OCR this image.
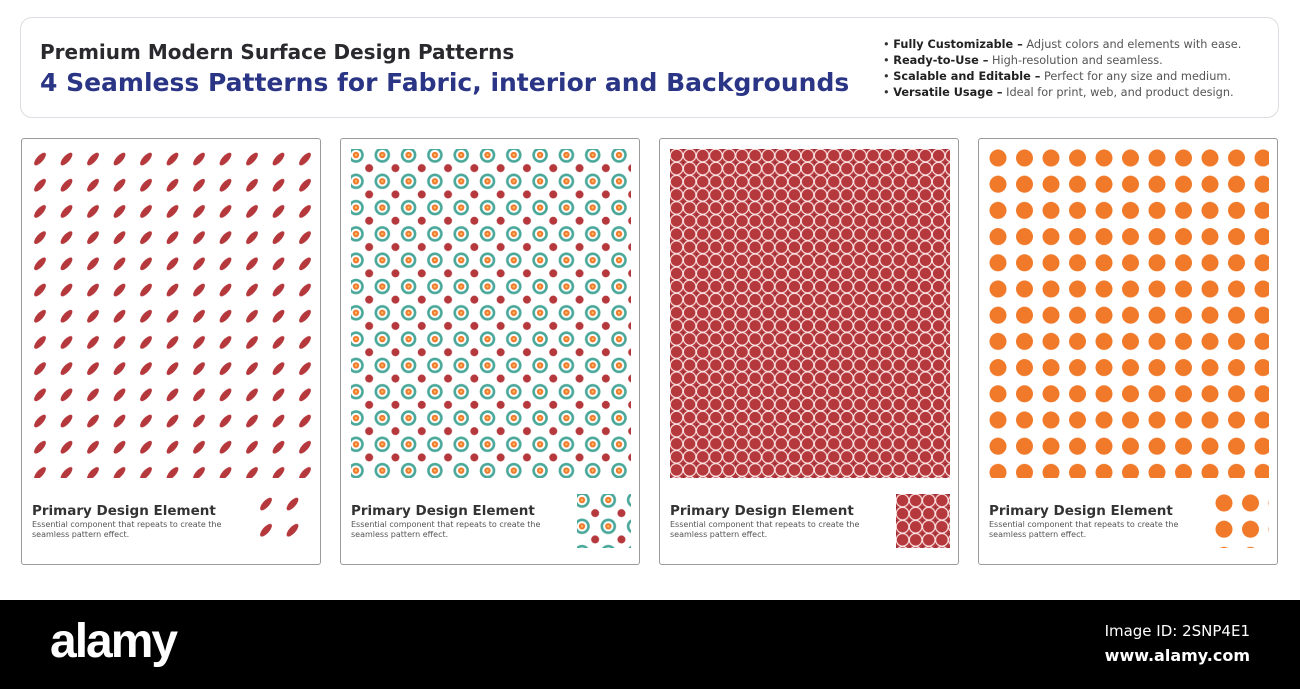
Premium Modern Surface Design Patterns
4 Seamless Patterns for Fabric, interior and Backgrounds
• Fully Customizable – Adjust colors and elements with ease.
• Ready-to-Use – High-resolution and seamless.
• Scalable and Editable – Perfect for any size and medium.
• Versatile Usage – Ideal for print, web, and product design.
Primary Design Element
Essential component that repeats to create the seamless pattern effect.
Primary Design Element
Essential component that repeats to create the seamless pattern effect.
Primary Design Element
Essential component that repeats to create the seamless pattern effect.
Primary Design Element
Essential component that repeats to create the seamless pattern effect.
alamy	Image ID: 2SNP4E1
www.alamy.com
